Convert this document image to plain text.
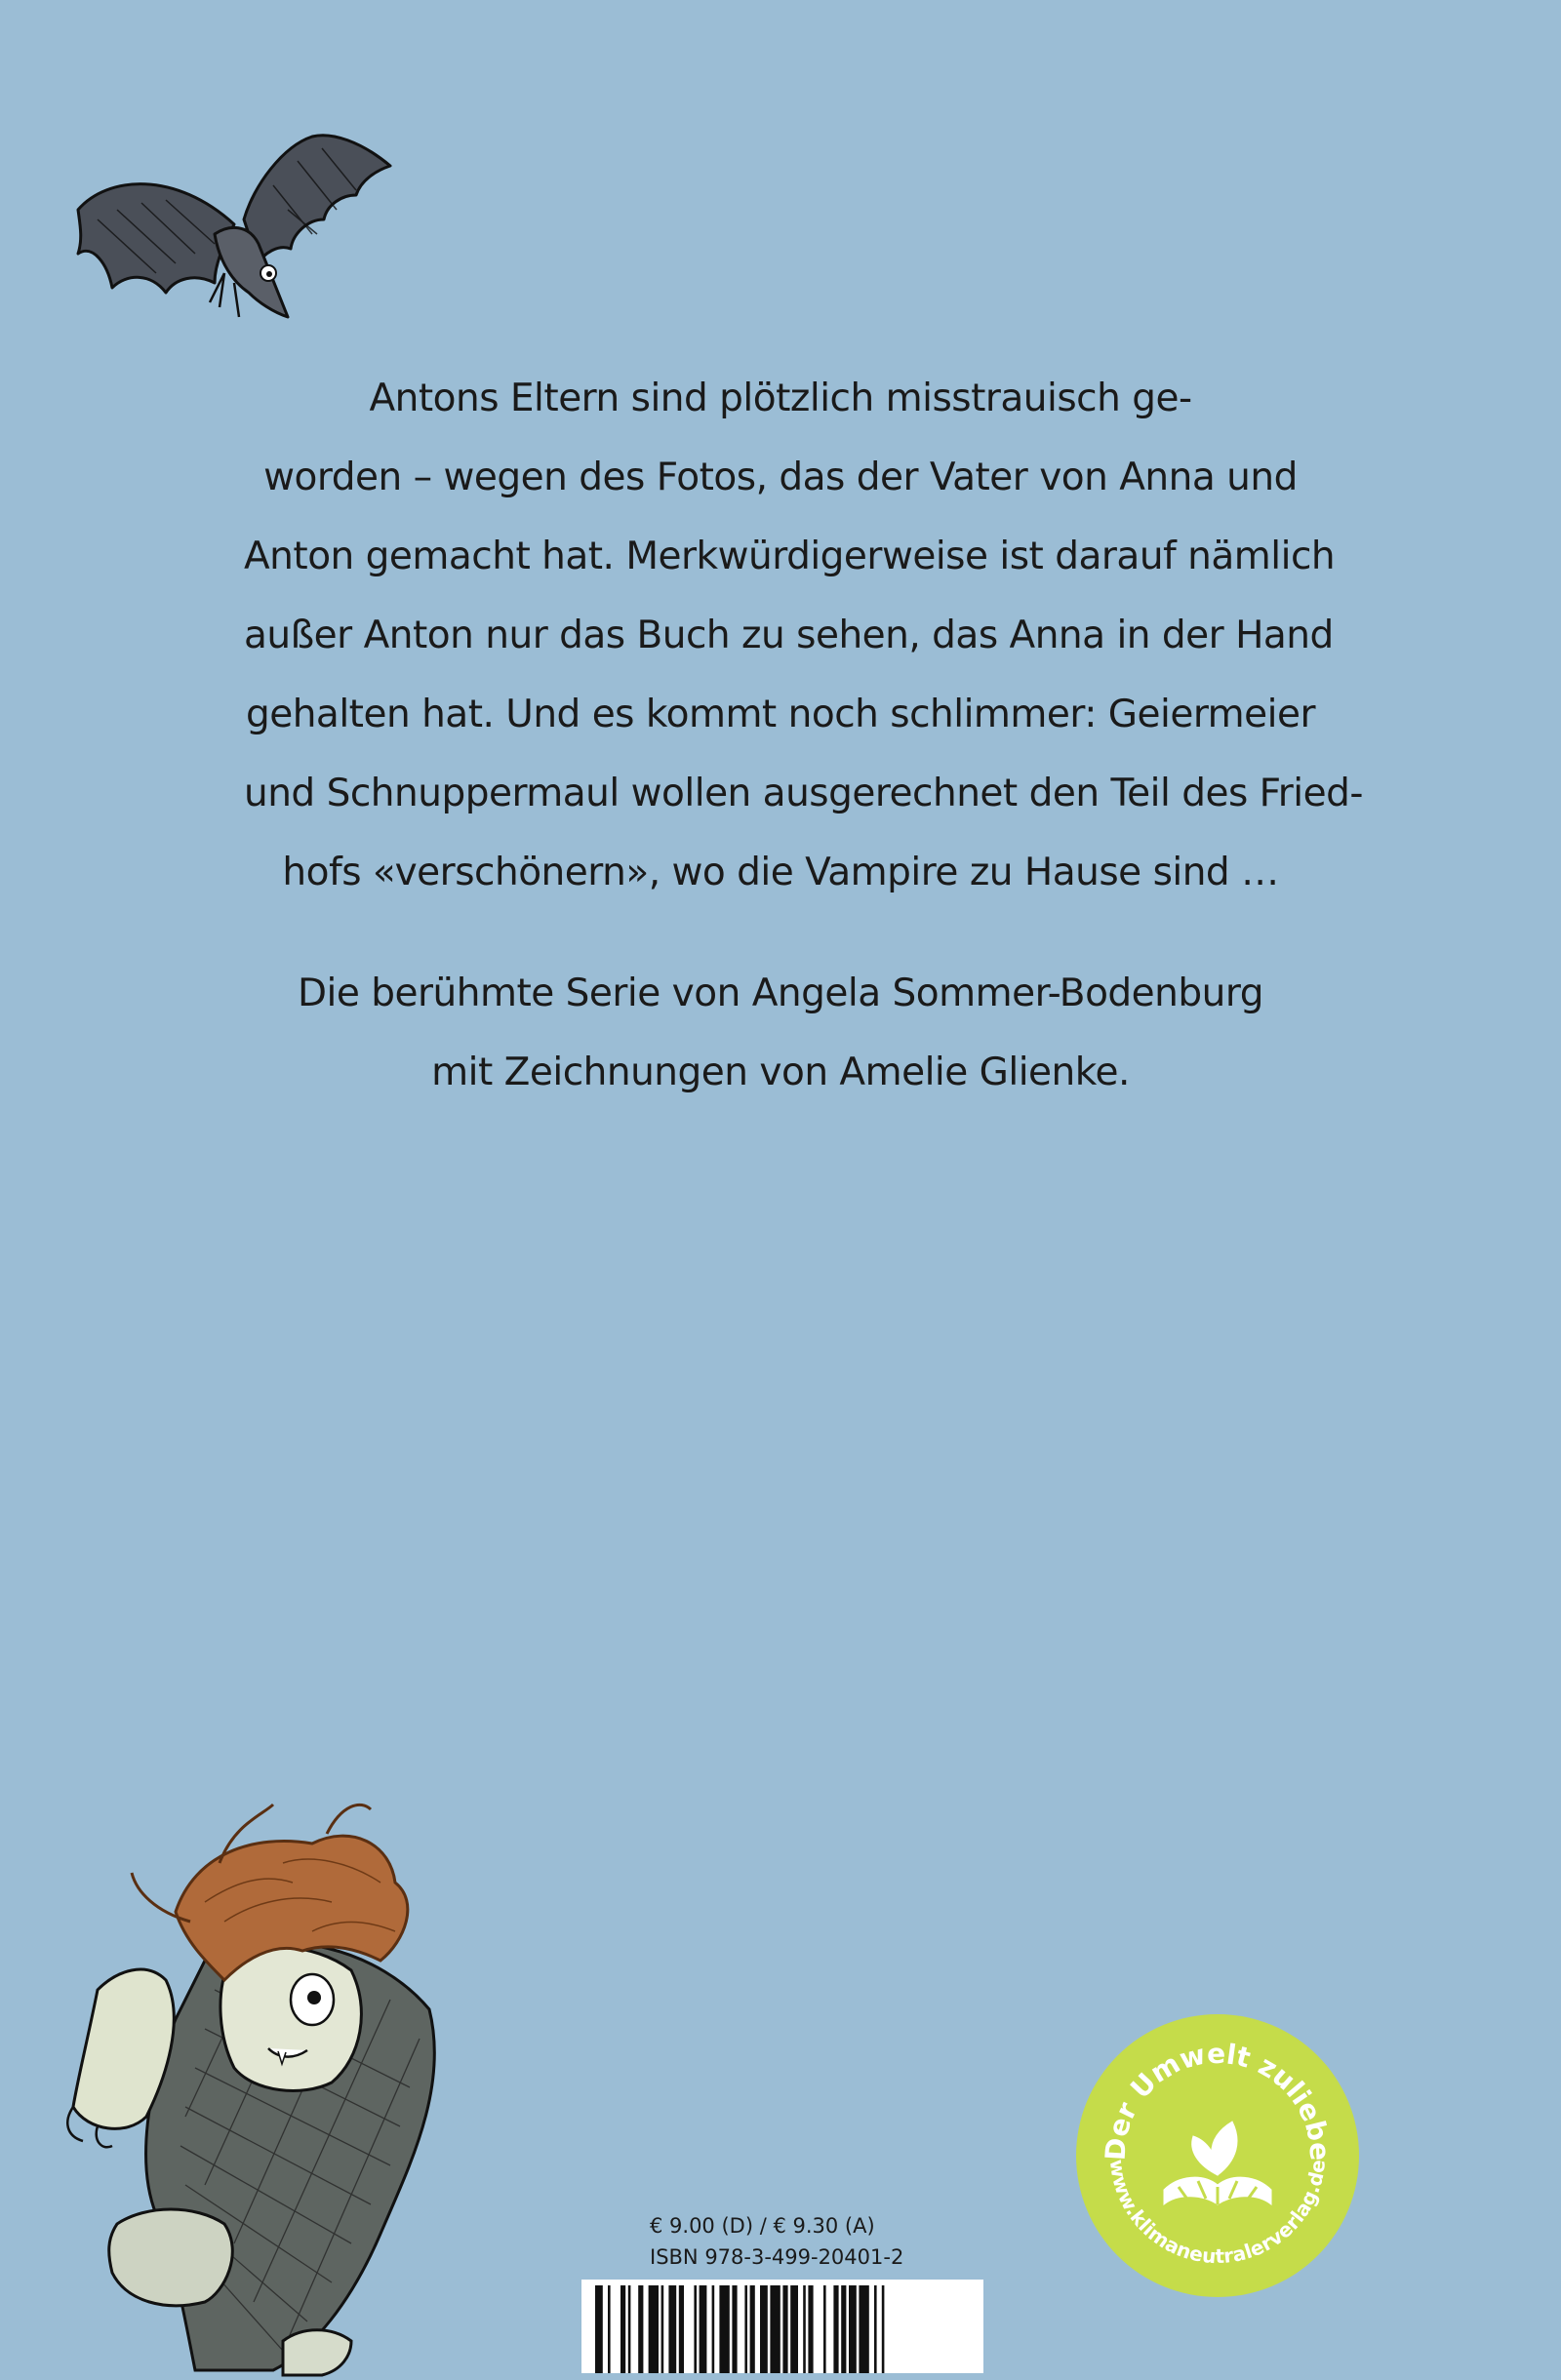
Antons Eltern sind plötzlich misstrauisch ge-
worden – wegen des Fotos, das der Vater von Anna und
Anton gemacht hat. Merkwürdigerweise ist darauf nämlich
außer Anton nur das Buch zu sehen, das Anna in der Hand
gehalten hat. Und es kommt noch schlimmer: Geiermeier
und Schnuppermaul wollen ausgerechnet den Teil des Fried-
hofs «verschönern», wo die Vampire zu Hause sind …
Die berühmte Serie von Angela Sommer-Bodenburg
mit Zeichnungen von Amelie Glienke.
Der Umwelt zuliebe
www.klimaneutralerverlag.de
€ 9.00 (D) / € 9.30 (A)
ISBN 978-3-499-20401-2
